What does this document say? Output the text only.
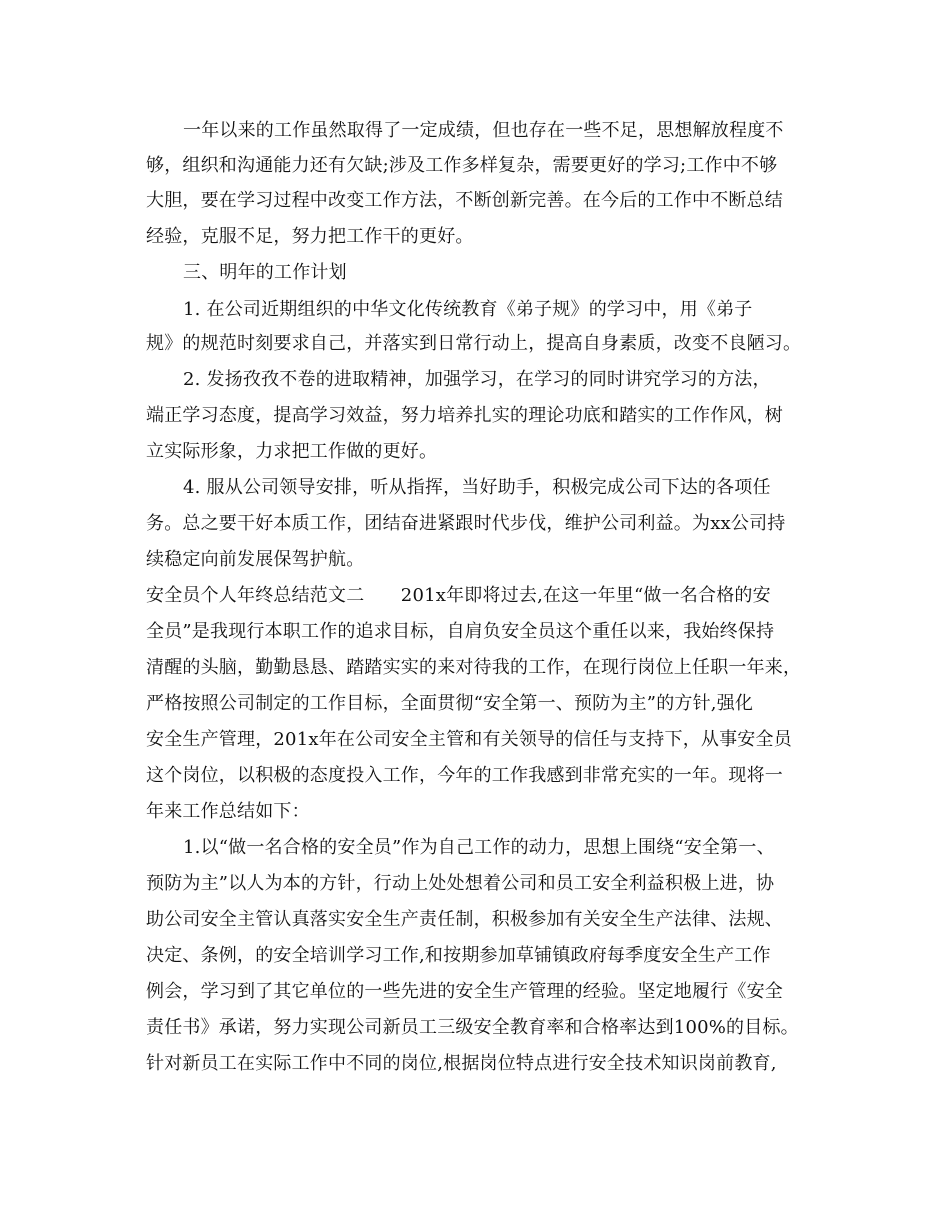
一年以来的工作虽然取得了一定成绩，但也存在一些不足，思想解放程度不
够，组织和沟通能力还有欠缺;涉及工作多样复杂，需要更好的学习;工作中不够
大胆，要在学习过程中改变工作方法，不断创新完善。在今后的工作中不断总结
经验，克服不足，努力把工作干的更好。
三、明年的工作计划
1. 在公司近期组织的中华文化传统教育《弟子规》的学习中，用《弟子
规》的规范时刻要求自己，并落实到日常行动上，提高自身素质，改变不良陋习。
2. 发扬孜孜不卷的进取精神，加强学习，在学习的同时讲究学习的方法，
端正学习态度，提高学习效益，努力培养扎实的理论功底和踏实的工作作风，树
立实际形象，力求把工作做的更好。
4. 服从公司领导安排，听从指挥，当好助手，积极完成公司下达的各项任
务。总之要干好本质工作，团结奋进紧跟时代步伐，维护公司利益。为xx公司持
续稳定向前发展保驾护航。
安全员个人年终总结范文二　　201x年即将过去,在这一年里“做一名合格的安
全员”是我现行本职工作的追求目标，自肩负安全员这个重任以来，我始终保持
清醒的头脑，勤勤恳恳、踏踏实实的来对待我的工作，在现行岗位上任职一年来，
严格按照公司制定的工作目标，全面贯彻“安全第一、预防为主”的方针,强化
安全生产管理，201x年在公司安全主管和有关领导的信任与支持下，从事安全员
这个岗位，以积极的态度投入工作，今年的工作我感到非常充实的一年。现将一
年来工作总结如下：
1.以“做一名合格的安全员”作为自己工作的动力，思想上围绕“安全第一、
预防为主”以人为本的方针，行动上处处想着公司和员工安全利益积极上进，协
助公司安全主管认真落实安全生产责任制，积极参加有关安全生产法律、法规、
决定、条例，的安全培训学习工作,和按期参加草铺镇政府每季度安全生产工作
例会，学习到了其它单位的一些先进的安全生产管理的经验。坚定地履行《安全
责任书》承诺，努力实现公司新员工三级安全教育率和合格率达到100%的目标。
针对新员工在实际工作中不同的岗位,根据岗位特点进行安全技术知识岗前教育,
